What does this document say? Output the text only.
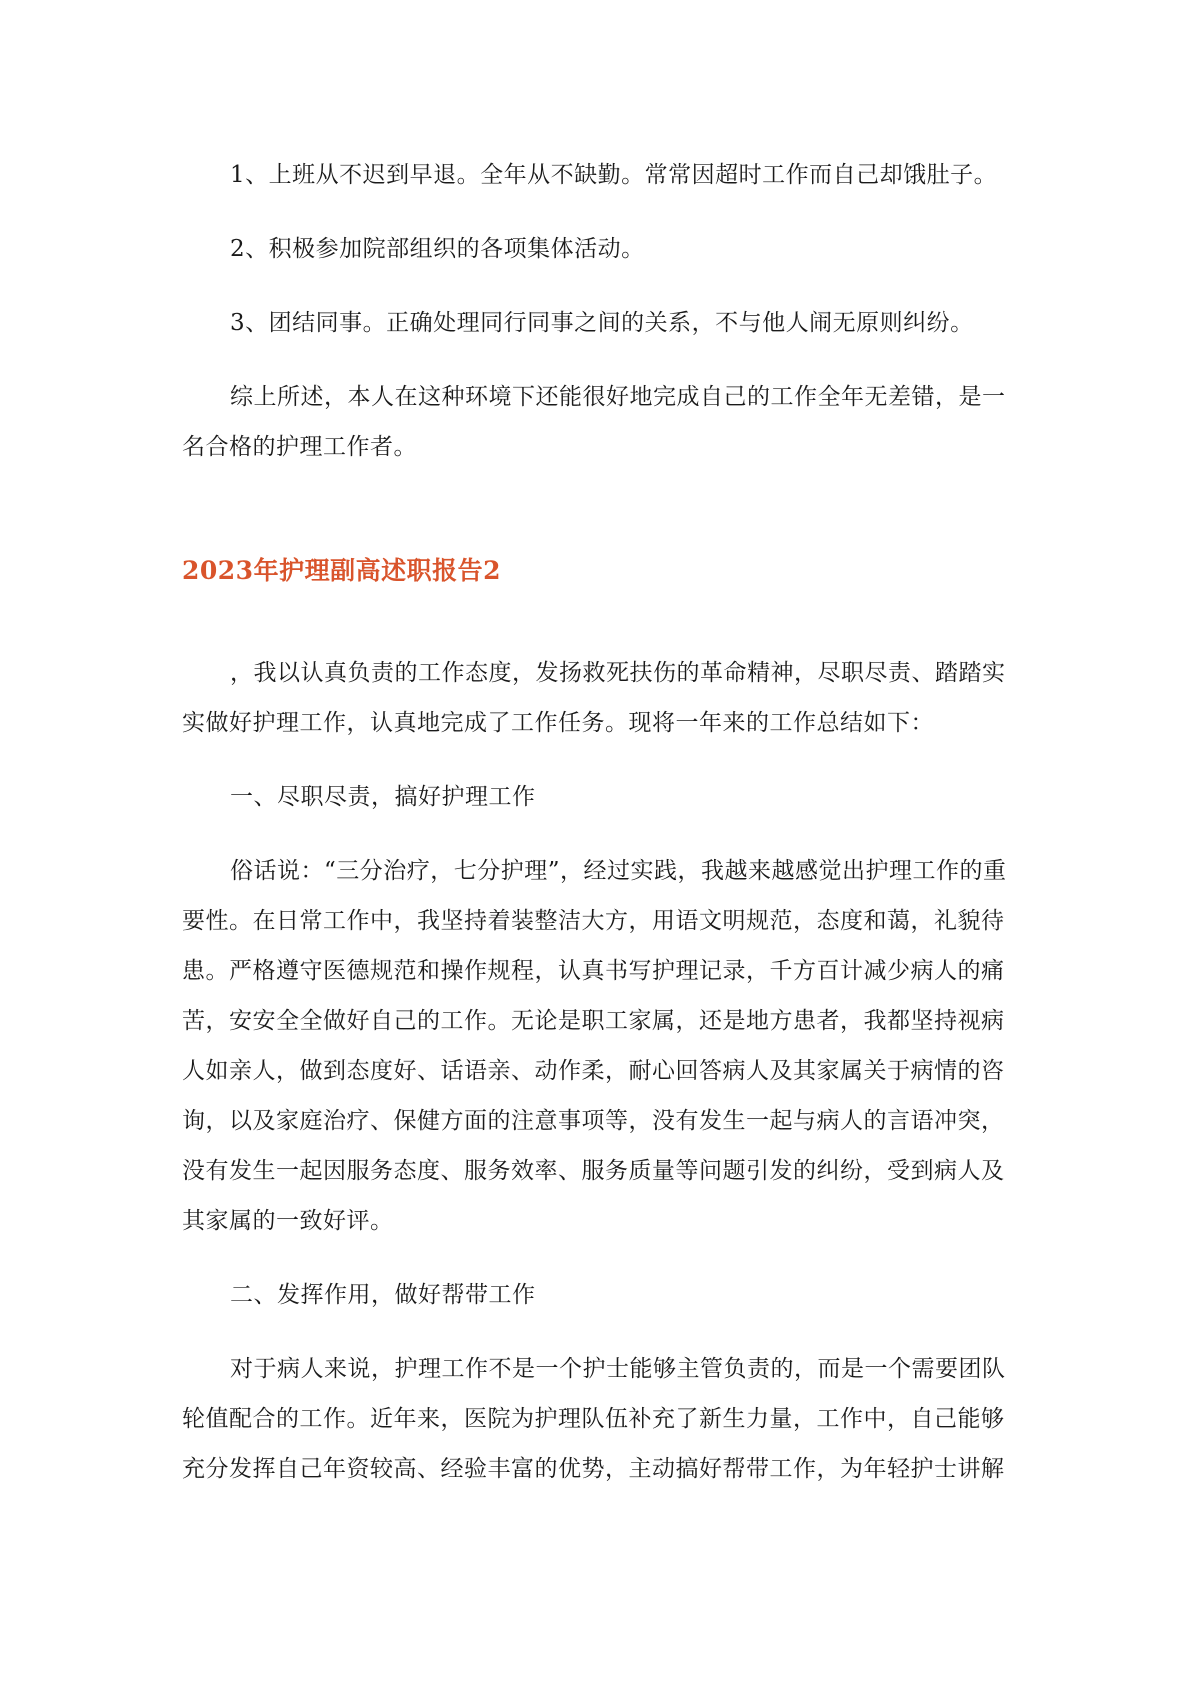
1、上班从不迟到早退。全年从不缺勤。常常因超时工作而自己却饿肚子。

2、积极参加院部组织的各项集体活动。

3、团结同事。正确处理同行同事之间的关系，不与他人闹无原则纠纷。

综上所述，本人在这种环境下还能很好地完成自己的工作全年无差错，是一名合格的护理工作者。

2023年护理副高述职报告2

，我以认真负责的工作态度，发扬救死扶伤的革命精神，尽职尽责、踏踏实实做好护理工作，认真地完成了工作任务。现将一年来的工作总结如下：

一、尽职尽责，搞好护理工作

俗话说：“三分治疗，七分护理”，经过实践，我越来越感觉出护理工作的重要性。在日常工作中，我坚持着装整洁大方，用语文明规范，态度和蔼，礼貌待患。严格遵守医德规范和操作规程，认真书写护理记录，千方百计减少病人的痛苦，安安全全做好自己的工作。无论是职工家属，还是地方患者，我都坚持视病人如亲人，做到态度好、话语亲、动作柔，耐心回答病人及其家属关于病情的咨询，以及家庭治疗、保健方面的注意事项等，没有发生一起与病人的言语冲突，没有发生一起因服务态度、服务效率、服务质量等问题引发的纠纷，受到病人及其家属的一致好评。

二、发挥作用，做好帮带工作

对于病人来说，护理工作不是一个护士能够主管负责的，而是一个需要团队轮值配合的工作。近年来，医院为护理队伍补充了新生力量，工作中，自己能够充分发挥自己年资较高、经验丰富的优势，主动搞好帮带工作，为年轻护士讲解
